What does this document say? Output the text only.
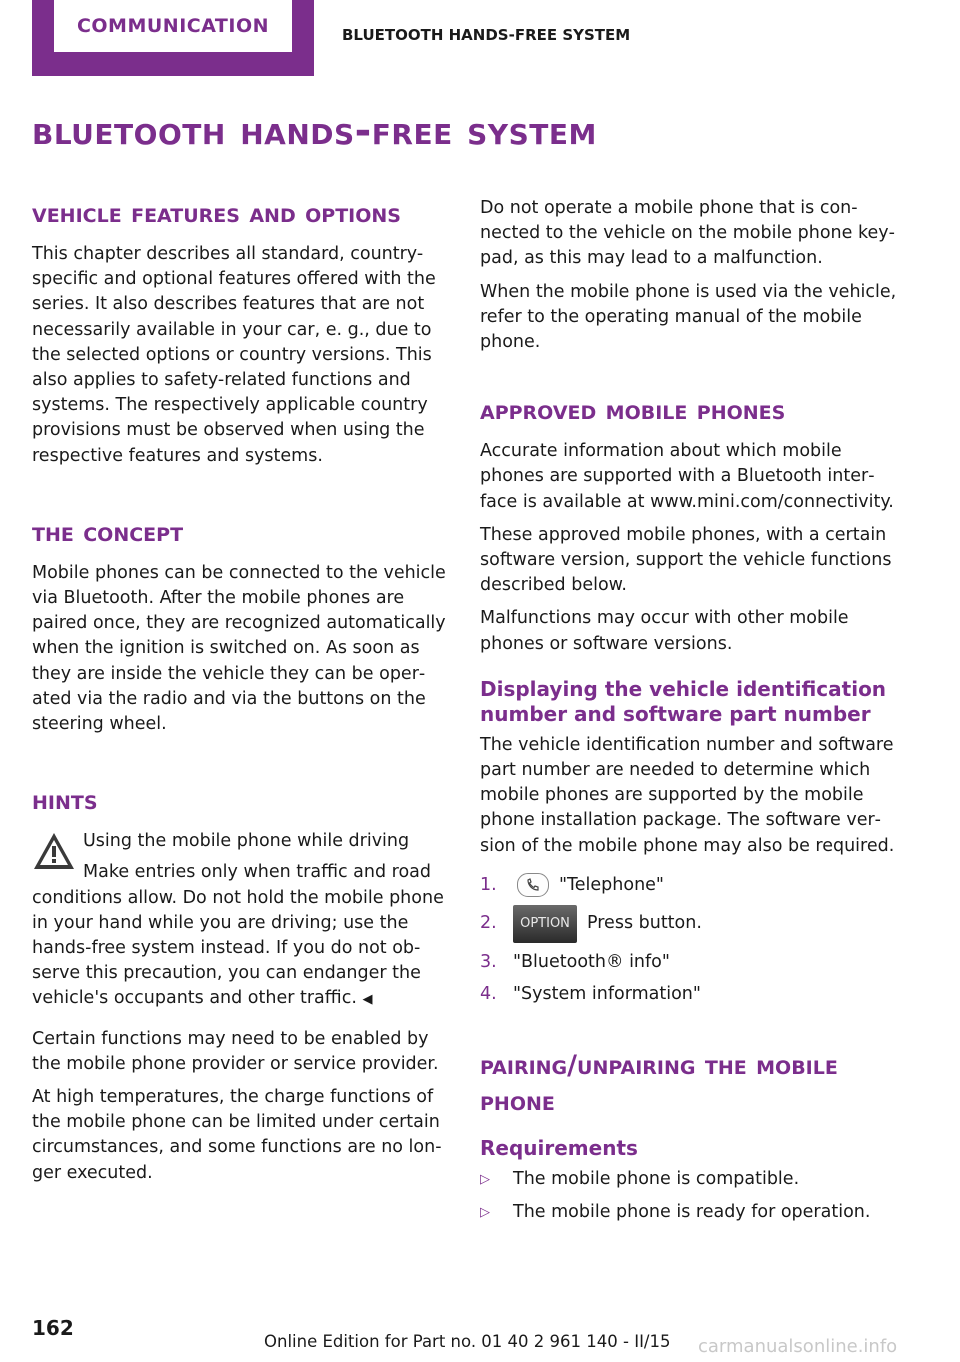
COMMUNICATION	BLUETOOTH HANDS-FREE SYSTEM
bluetooth hands-free system
vehicle features and options

This chapter describes all standard, country-specific and optional features offered with the series. It also describes features that are not necessarily available in your car, e. g., due to the selected options or country versions. This also applies to safety-related functions and systems. The respectively applicable country provisions must be observed when using the respective features and systems.

the concept

Mobile phones can be connected to the vehicle via Bluetooth. After the mobile phones are paired once, they are recognized automatically when the ignition is switched on. As soon as they are inside the vehicle they can be operated via the radio and via the buttons on the steering wheel.

hints
Using the mobile phone while driving
Make entries only when traffic and road

conditions allow. Do not hold the mobile phone in your hand while you are driving; use the hands-free system instead. If you do not observe this precaution, you can endanger the vehicle's occupants and other traffic. ◀

Certain functions may need to be enabled by the mobile phone provider or service provider.

At high temperatures, the charge functions of the mobile phone can be limited under certain circumstances, and some functions are no longer executed.

Do not operate a mobile phone that is connected to the vehicle on the mobile phone keypad, as this may lead to a malfunction.

When the mobile phone is used via the vehicle, refer to the operating manual of the mobile phone.

approved mobile phones

Accurate information about which mobile phones are supported with a Bluetooth interface is available at www.mini.com/connectivity.

These approved mobile phones, with a certain software version, support the vehicle functions described below.

Malfunctions may occur with other mobile phones or software versions.

Displaying the vehicle identification number and software part number

The vehicle identification number and software part number are needed to determine which mobile phones are supported by the mobile phone installation package. The software version of the mobile phone may also be required.

1.	"Telephone"
2.	OPTION Press button.
3. "Bluetooth® info"
4. "System information"
pairing/unpairing the mobile phone
Requirements
▷	The mobile phone is compatible.
▷	The mobile phone is ready for operation.
162
Online Edition for Part no. 01 40 2 961 140 - II/15 carmanualsonline.info
